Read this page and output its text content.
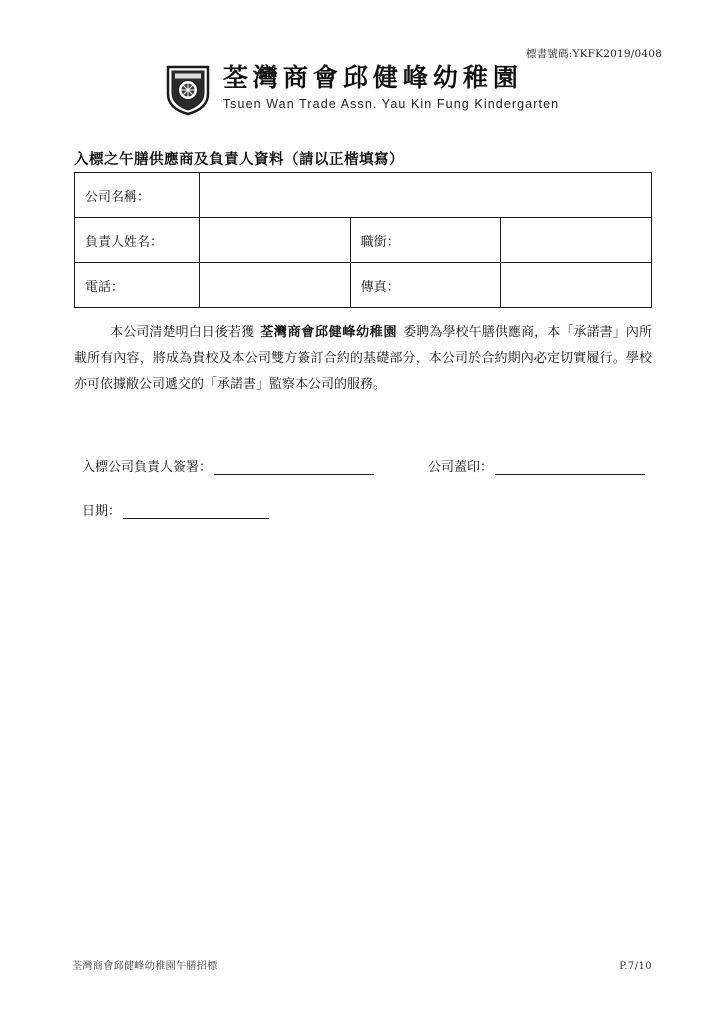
標書號碼:YKFK2019/0408
荃灣商會邱健峰幼稚園
Tsuen Wan Trade Assn. Yau Kin Fung Kindergarten
入標之午膳供應商及負責人資料（請以正楷填寫）
公司名稱：			
負責人姓名：		職銜：	
電話：		傳真：	
本公司清楚明白日後若獲 荃灣商會邱健峰幼稚園 委聘為學校午膳供應商，本「承諾書」內所載所有內容，將成為貴校及本公司雙方簽訂合約的基礎部分，本公司於合約期內必定切實履行。學校亦可依據敝公司遞交的「承諾書」監察本公司的服務。
入標公司負責人簽署：	公司蓋印：
日期：
荃灣商會邱健峰幼稚園午膳招標	P.7/10
